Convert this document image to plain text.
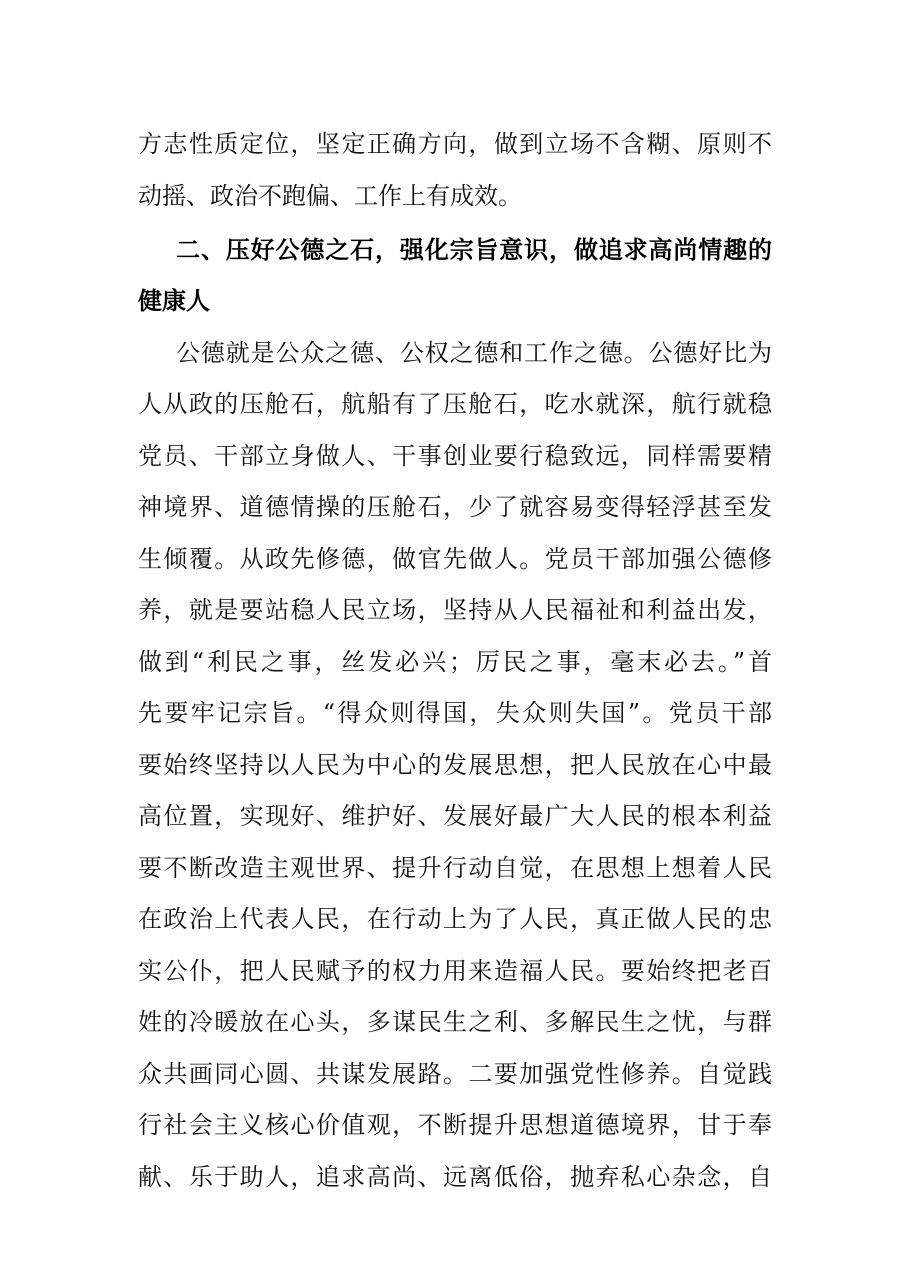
方志性质定位，坚定正确方向，做到立场不含糊、原则不
动摇、政治不跑偏、工作上有成效。
二、压好公德之石，强化宗旨意识，做追求高尚情趣的
健康人
公德就是公众之德、公权之德和工作之德。公德好比为
人从政的压舱石，航船有了压舱石，吃水就深，航行就稳
党员、干部立身做人、干事创业要行稳致远，同样需要精
神境界、道德情操的压舱石，少了就容易变得轻浮甚至发
生倾覆。从政先修德，做官先做人。党员干部加强公德修
养，就是要站稳人民立场，坚持从人民福祉和利益出发，
做到“利民之事，丝发必兴；厉民之事，毫末必去。”首
先要牢记宗旨。“得众则得国，失众则失国”。党员干部
要始终坚持以人民为中心的发展思想，把人民放在心中最
高位置，实现好、维护好、发展好最广大人民的根本利益
要不断改造主观世界、提升行动自觉，在思想上想着人民
在政治上代表人民，在行动上为了人民，真正做人民的忠
实公仆，把人民赋予的权力用来造福人民。要始终把老百
姓的冷暖放在心头，多谋民生之利、多解民生之忧，与群
众共画同心圆、共谋发展路。二要加强党性修养。自觉践
行社会主义核心价值观，不断提升思想道德境界，甘于奉
献、乐于助人，追求高尚、远离低俗，抛弃私心杂念，自
